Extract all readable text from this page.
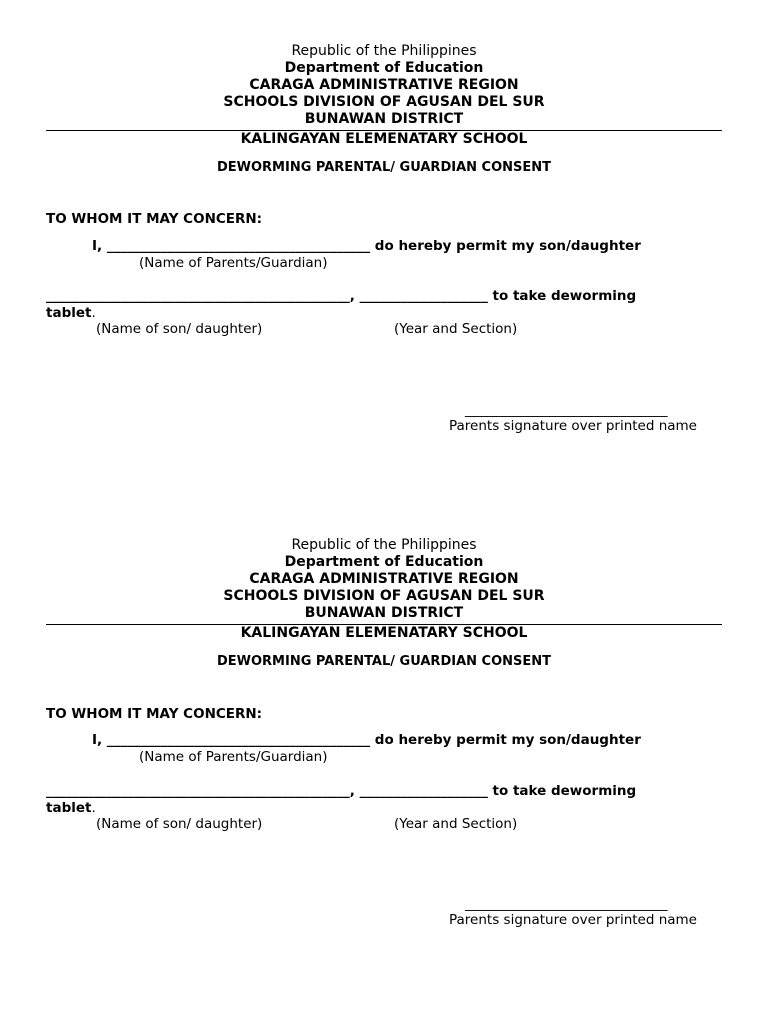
Republic of the Philippines
Department of Education
CARAGA ADMINISTRATIVE REGION
SCHOOLS DIVISION OF AGUSAN DEL SUR
BUNAWAN DISTRICT
KALINGAYAN ELEMENATARY SCHOOL
DEWORMING PARENTAL/ GUARDIAN CONSENT
TO WHOM IT MAY CONCERN:
I, _______________________________________ do hereby permit my son/daughter
(Name of Parents/Guardian)
_____________________________________________, ___________________ to take deworming
tablet.
(Name of son/ daughter)	(Year and Section)
______________________________
Parents signature over printed name
Republic of the Philippines
Department of Education
CARAGA ADMINISTRATIVE REGION
SCHOOLS DIVISION OF AGUSAN DEL SUR
BUNAWAN DISTRICT
KALINGAYAN ELEMENATARY SCHOOL
DEWORMING PARENTAL/ GUARDIAN CONSENT
TO WHOM IT MAY CONCERN:
I, _______________________________________ do hereby permit my son/daughter
(Name of Parents/Guardian)
_____________________________________________, ___________________ to take deworming
tablet.
(Name of son/ daughter)	(Year and Section)
______________________________
Parents signature over printed name
